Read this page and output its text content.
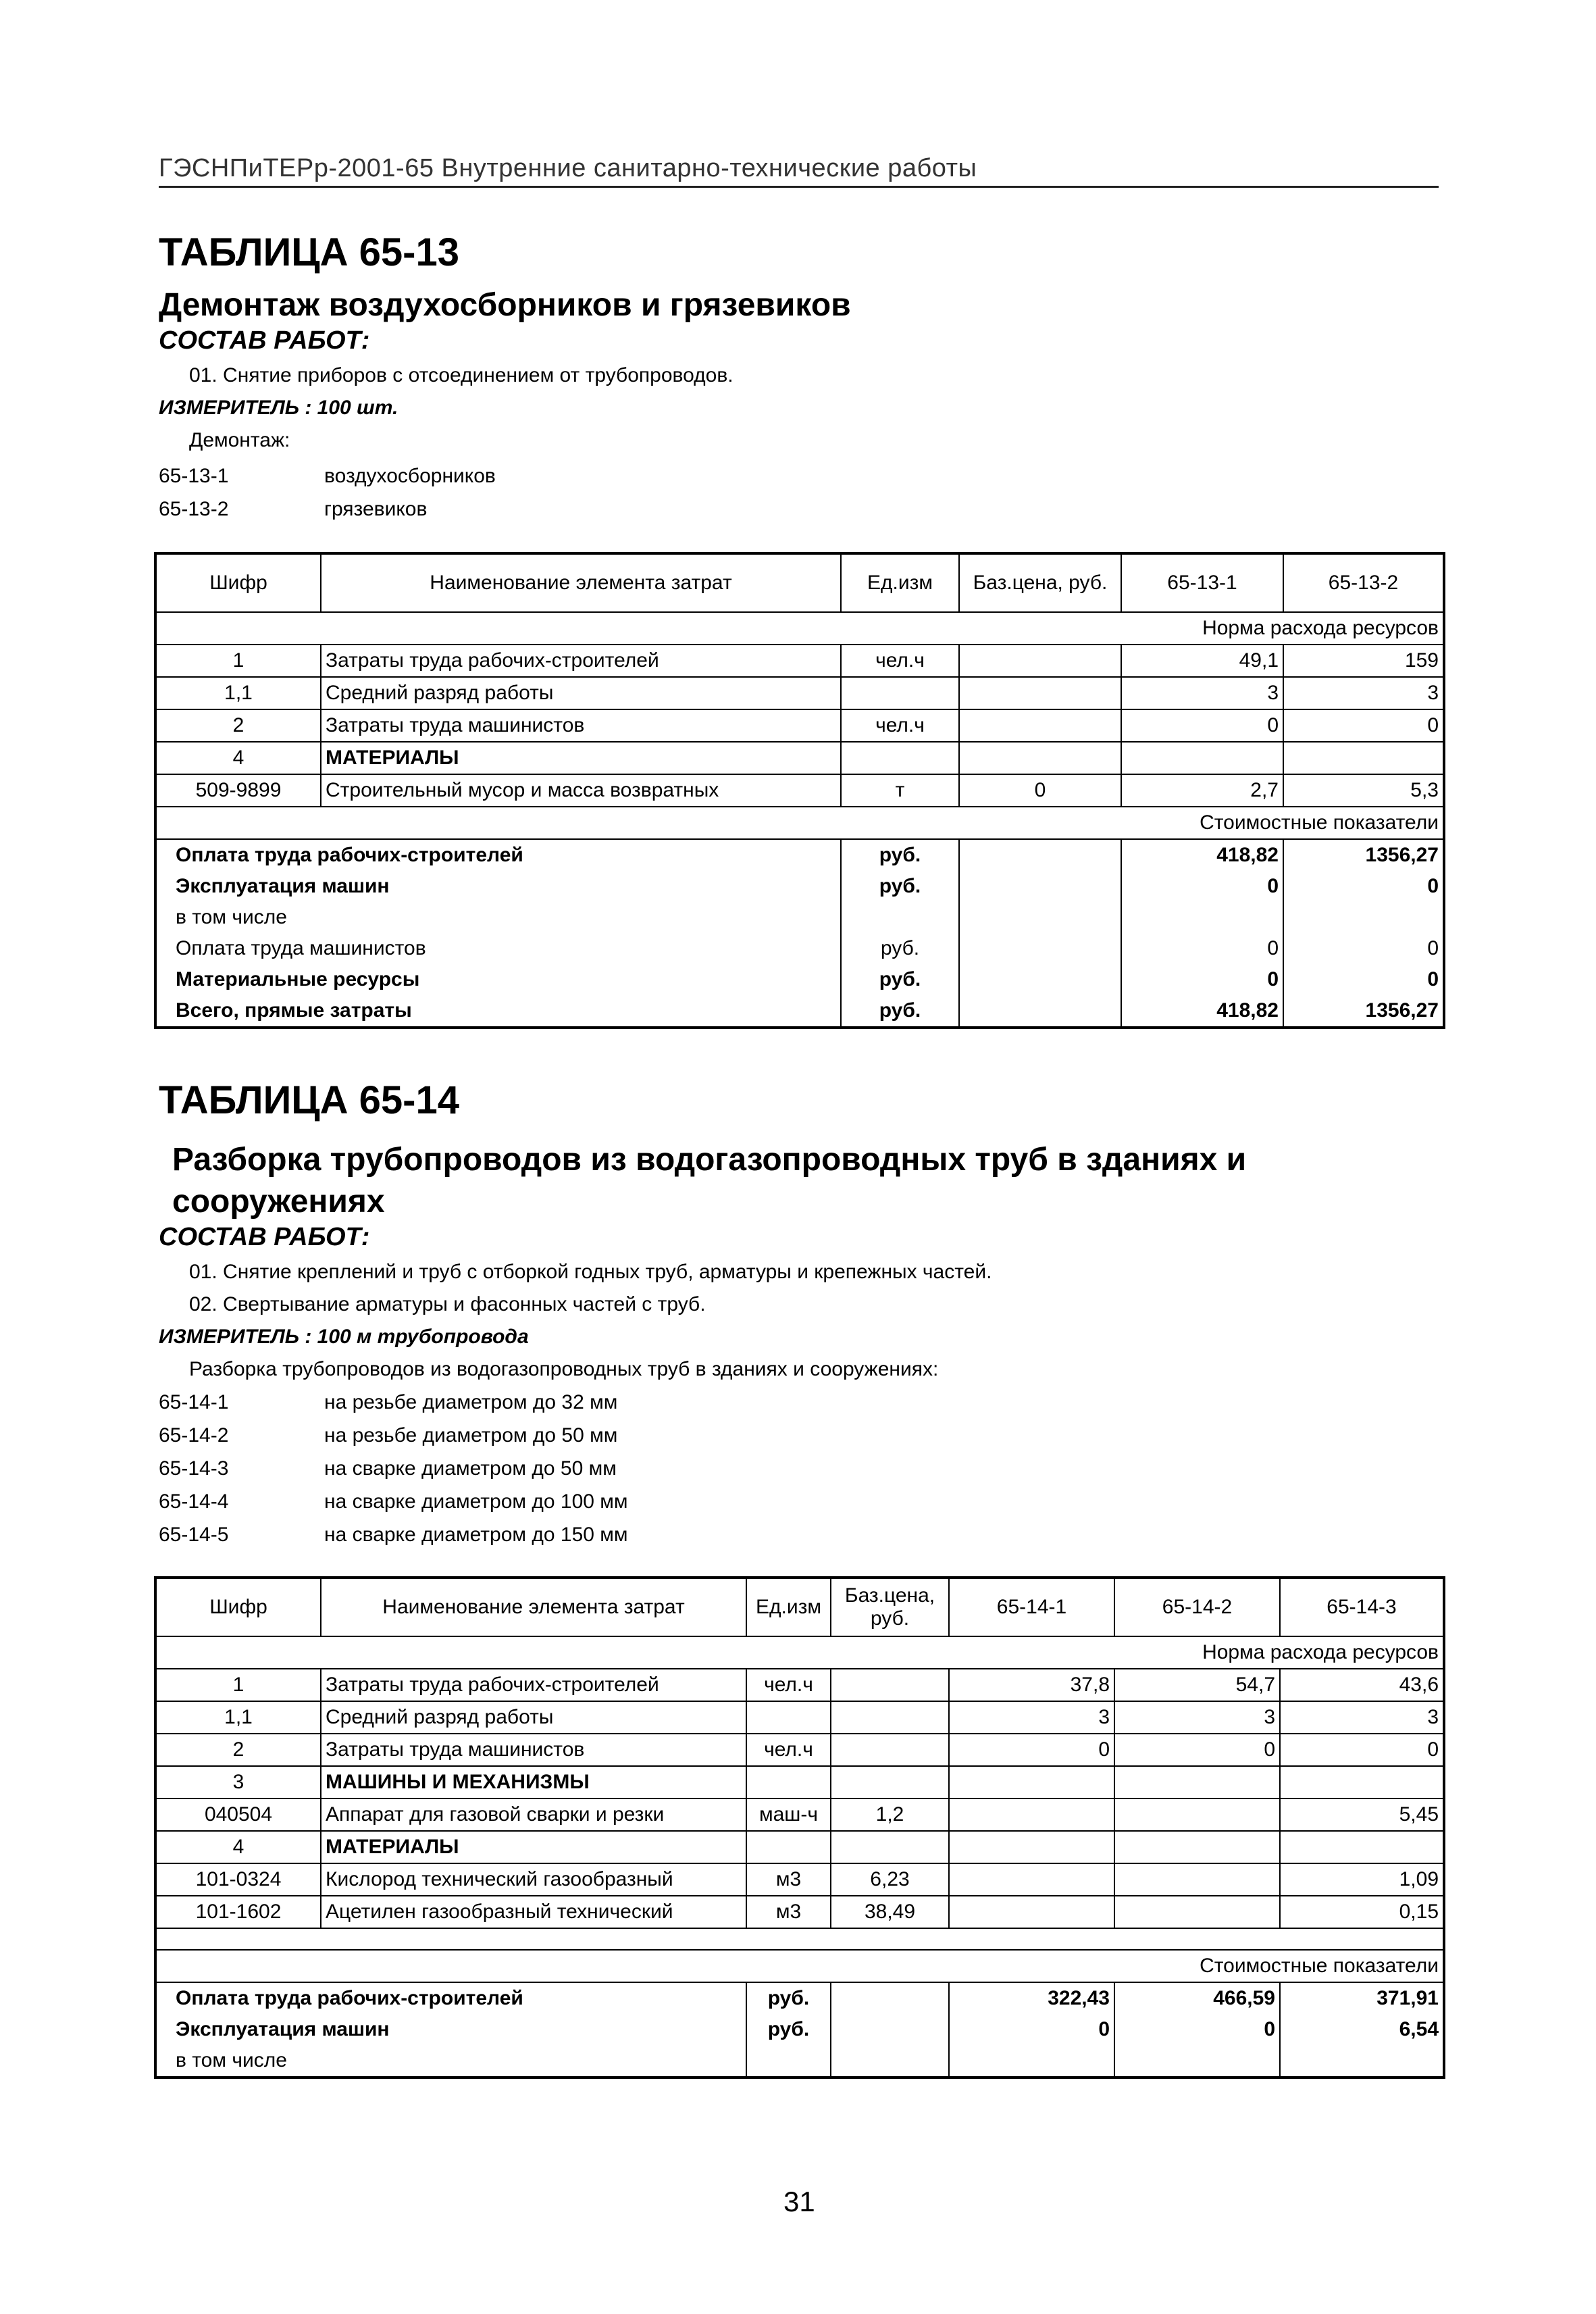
ГЭСНПиТЕРр-2001-65 Внутренние санитарно-технические работы

ТАБЛИЦА 65-13

Демонтаж воздухосборников и грязевиков

СОСТАВ РАБОТ:

01. Снятие приборов с отсоединением от трубопроводов.
ИЗМЕРИТЕЛЬ : 100 шт.
Демонтаж:
65-13-1	воздухосборников
65-13-2	грязевиков
Шифр	Наименование элемента затрат	Ед.изм	Баз.цена, руб.	65-13-1	65-13-2
Норма расхода ресурсов					
1	Затраты труда рабочих-строителей	чел.ч		49,1	159
1,1	Средний разряд работы			3	3
2	Затраты труда машинистов	чел.ч		0	0
4	МАТЕРИАЛЫ				
509-9899	Строительный мусор и масса возвратных	т	0	2,7	5,3
Стоимостные показатели					
Оплата труда рабочих-строителей		руб.		418,82	1356,27
Эксплуатация машин		руб.		0	0
в том числе					
Оплата труда машинистов		руб.		0	0
Материальные ресурсы		руб.		0	0
Всего, прямые затраты		руб.		418,82	1356,27

ТАБЛИЦА 65-14

Разборка трубопроводов из водогазопроводных труб в зданиях и сооружениях

СОСТАВ РАБОТ:

01. Снятие креплений и труб с отборкой годных труб, арматуры и крепежных частей.
02. Свертывание арматуры и фасонных частей с труб.
ИЗМЕРИТЕЛЬ : 100 м трубопровода
Разборка трубопроводов из водогазопроводных труб в зданиях и сооружениях:
65-14-1	на резьбе диаметром до 32 мм
65-14-2	на резьбе диаметром до 50 мм
65-14-3	на сварке диаметром до 50 мм
65-14-4	на сварке диаметром до 100 мм
65-14-5	на сварке диаметром до 150 мм
Шифр	Наименование элемента затрат	Ед.изм	Баз.цена, руб.	65-14-1	65-14-2	65-14-3
Норма расхода ресурсов						
1	Затраты труда рабочих-строителей	чел.ч		37,8	54,7	43,6
1,1	Средний разряд работы			3	3	3
2	Затраты труда машинистов	чел.ч		0	0	0
3	МАШИНЫ И МЕХАНИЗМЫ					
040504	Аппарат для газовой сварки и резки	маш-ч	1,2			5,45
4	МАТЕРИАЛЫ					
101-0324	Кислород технический газообразный	м3	6,23			1,09
101-1602	Ацетилен газообразный технический	м3	38,49			0,15

Стоимостные показатели						
Оплата труда рабочих-строителей		руб.		322,43	466,59	371,91
Эксплуатация машин		руб.		0	0	6,54
в том числе						
31
